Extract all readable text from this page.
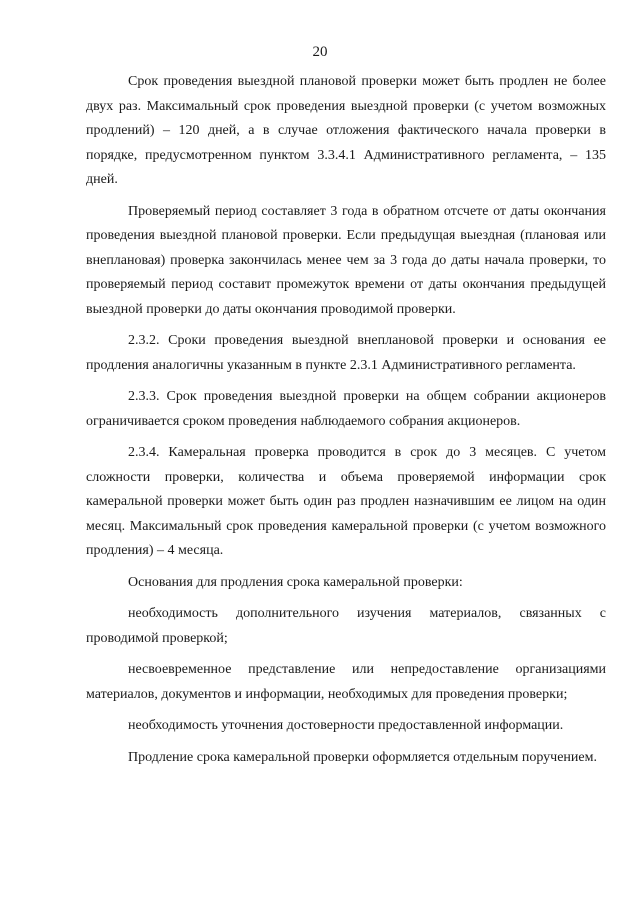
20

Срок проведения выездной плановой проверки может быть продлен не более двух раз. Максимальный срок проведения выездной проверки (с учетом возможных продлений) – 120 дней, а в случае отложения фактического начала проверки в порядке, предусмотренном пунктом 3.3.4.1 Административного регламента, – 135 дней.

Проверяемый период составляет 3 года в обратном отсчете от даты окончания проведения выездной плановой проверки. Если предыдущая выездная (плановая или внеплановая) проверка закончилась менее чем за 3 года до даты начала проверки, то проверяемый период составит промежуток времени от даты окончания предыдущей выездной проверки до даты окончания проводимой проверки.

2.3.2. Сроки проведения выездной внеплановой проверки и основания ее продления аналогичны указанным в пункте 2.3.1 Административного регламента.

2.3.3. Срок проведения выездной проверки на общем собрании акционеров ограничивается сроком проведения наблюдаемого собрания акционеров.

2.3.4. Камеральная проверка проводится в срок до 3 месяцев. С учетом сложности проверки, количества и объема проверяемой информации срок камеральной проверки может быть один раз продлен назначившим ее лицом на один месяц. Максимальный срок проведения камеральной проверки (с учетом возможного продления) – 4 месяца.

Основания для продления срока камеральной проверки:

необходимость дополнительного изучения материалов, связанных с проводимой проверкой;

несвоевременное представление или непредоставление организациями материалов, документов и информации, необходимых для проведения проверки;

необходимость уточнения достоверности предоставленной информации.

Продление срока камеральной проверки оформляется отдельным поручением.
